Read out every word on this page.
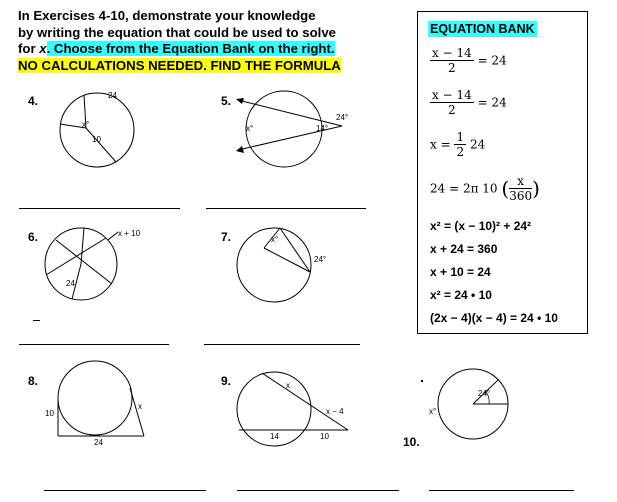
In Exercises 4-10, demonstrate your knowledge
by writing the equation that could be used to solve
for x. Choose from the Equation Bank on the right.
NO CALCULATIONS NEEDED. FIND THE FORMULA
EQUATION BANK
$\frac{x - 14}{2} = 24$
$\frac{x - 14}{2} = 24$
$x = \frac{1}{2} 24$
24 = 2π 10 ( $\frac{x}{360}$ )
x² = (x − 10)² + 24²
x + 24 = 360
x + 10 = 24
x² = 24 • 10
(2x − 4)(x − 4) = 24 • 10
4.	24
x°
10
5.
24°
x°	14°
6.	x + 10
24
7.	x°
24°
8.
10
x
24
9.	x
x − 4
14	10	10.
24°
x°
